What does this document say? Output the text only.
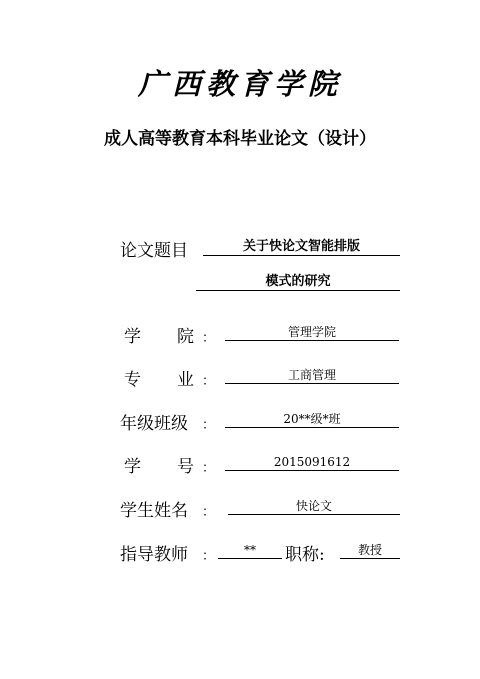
广西教育学院
成人高等教育本科毕业论文（设计）
论文题目	关于快论文智能排版
模式的研究
学 院 ：	管理学院
专 业 ：	工商管理
年级班级 ：	20**级*班
学 号 ：	2015091612
学生姓名 ：	快论文
指导教师 ：	**	职称:	教授
